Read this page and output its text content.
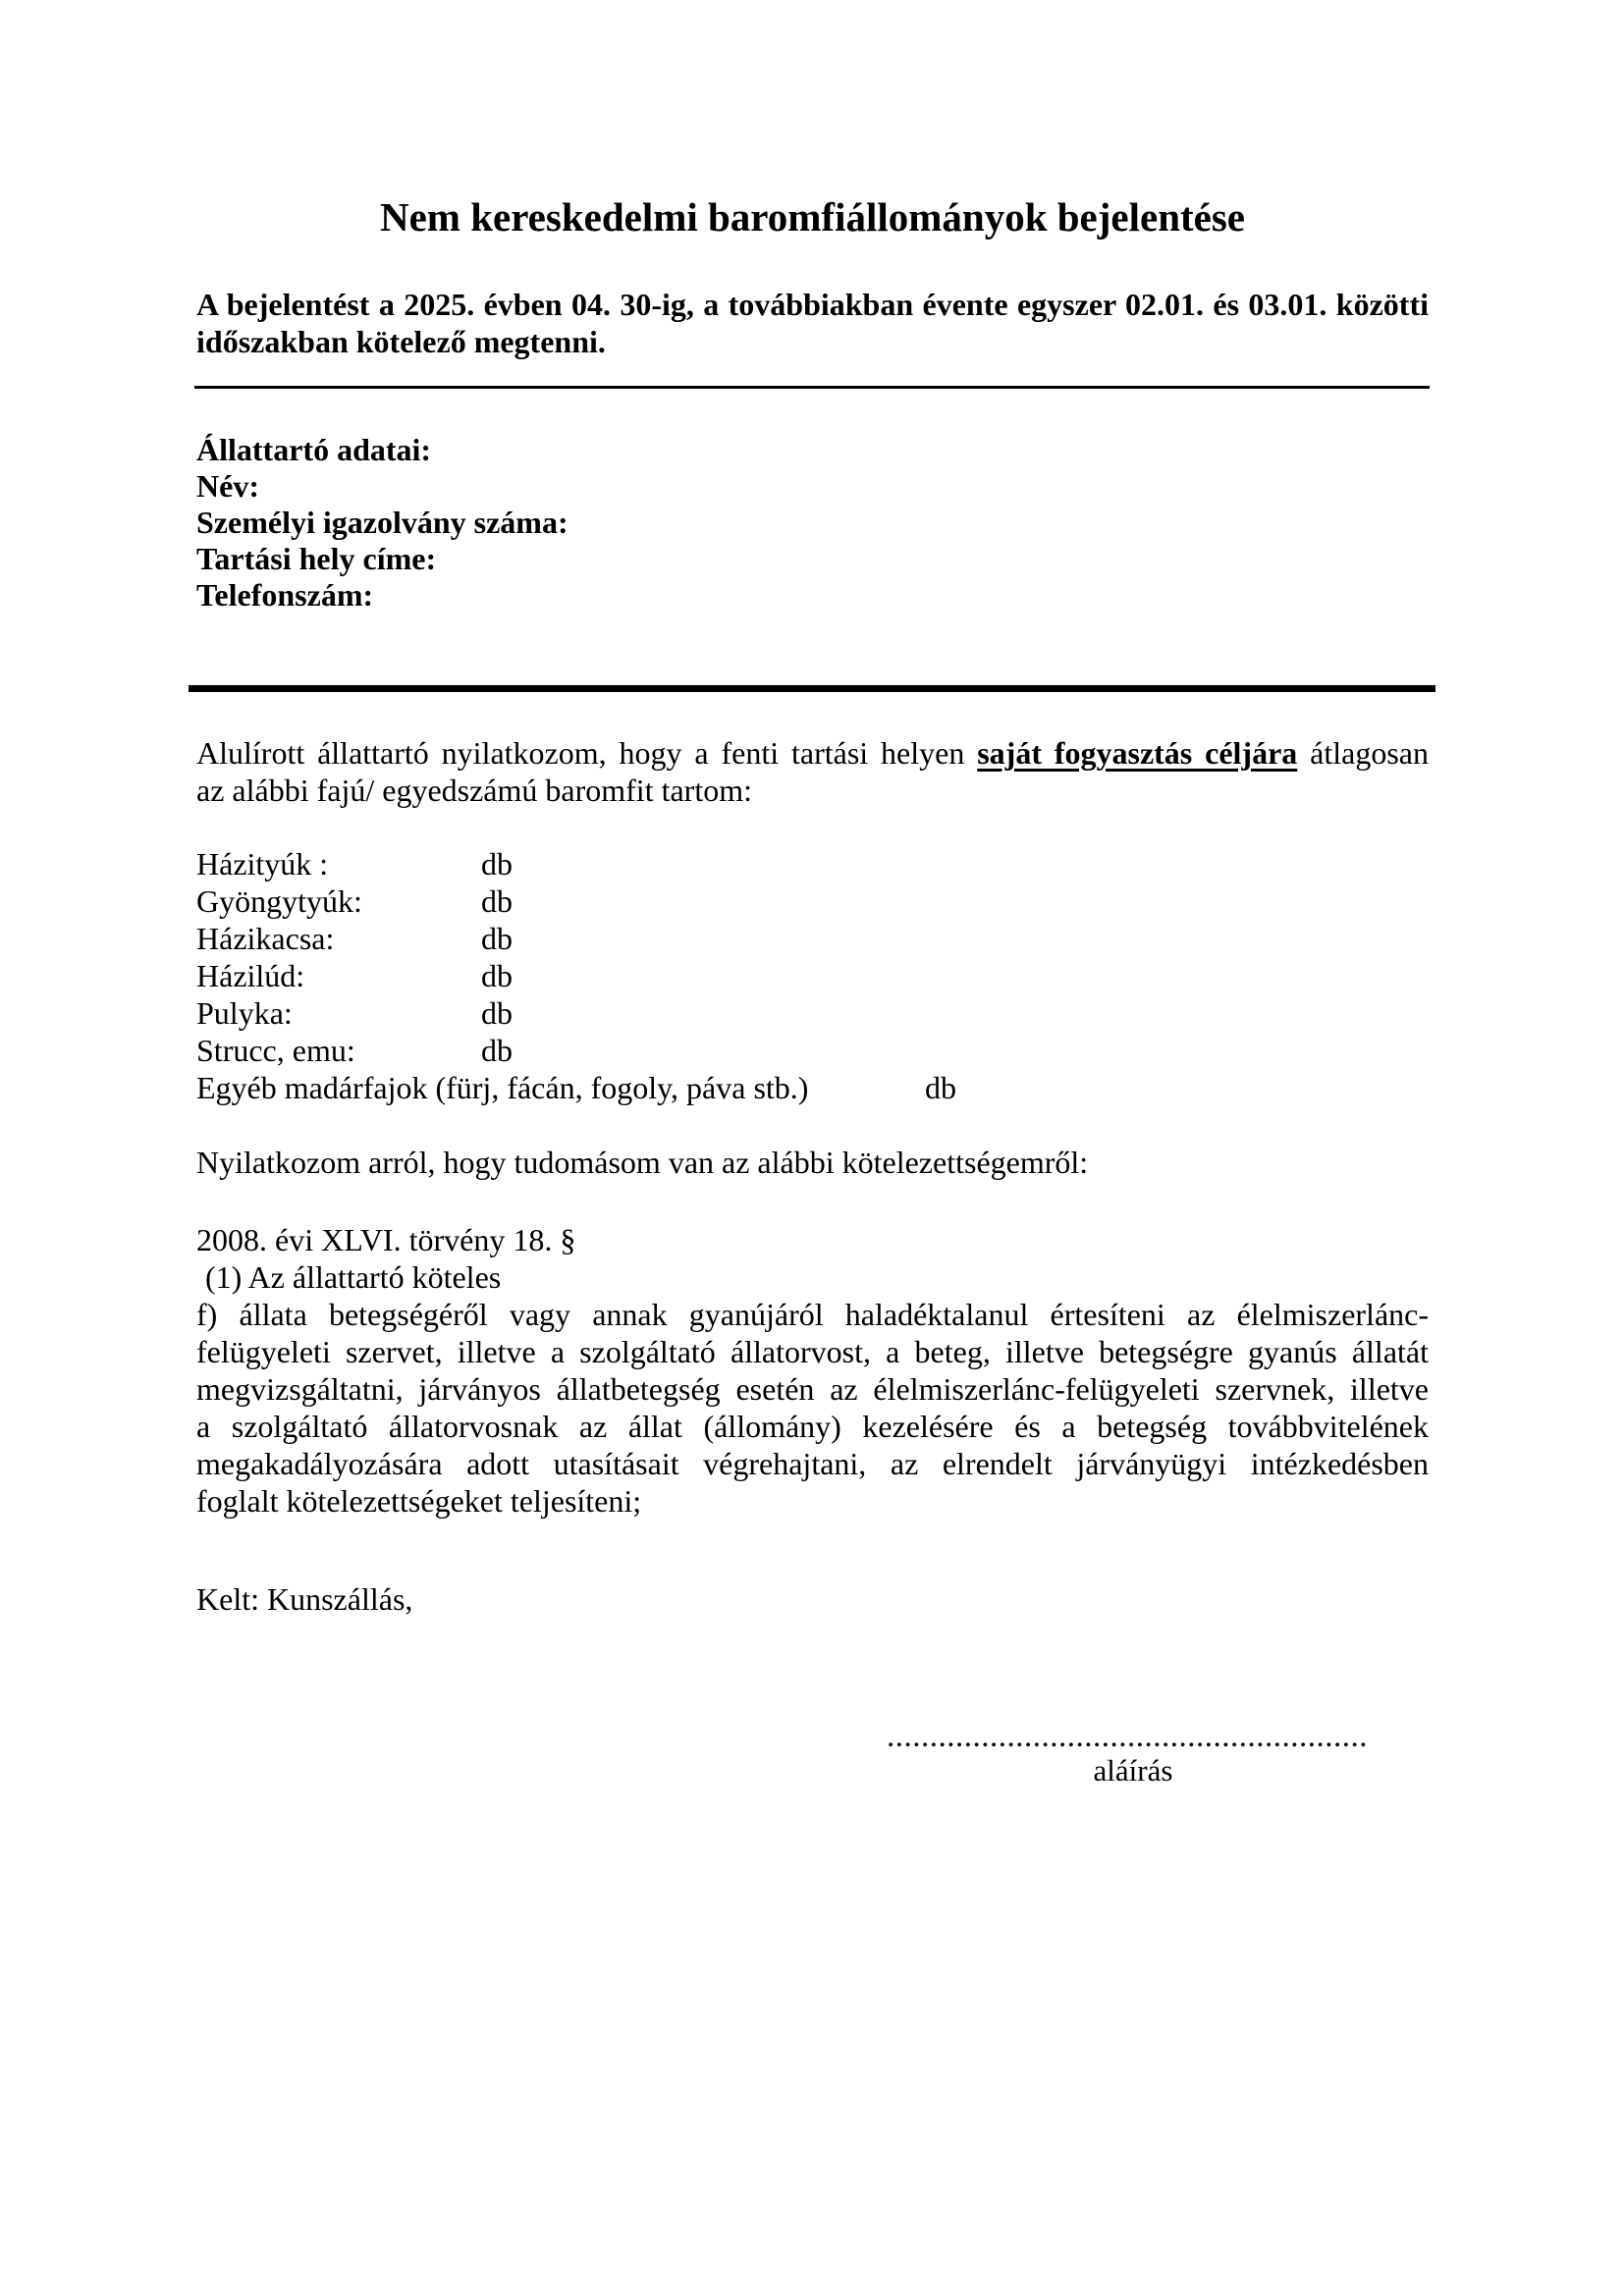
Nem kereskedelmi baromfiállományok bejelentése
A bejelentést a 2025. évben 04. 30-ig, a továbbiakban évente egyszer 02.01. és 03.01. közötti
időszakban kötelező megtenni.
Állattartó adatai:
Név:
Személyi igazolvány száma:
Tartási hely címe:
Telefonszám:
Alulírott állattartó nyilatkozom, hogy a fenti tartási helyen saját fogyasztás céljára átlagosan
az alábbi fajú/ egyedszámú baromfit tartom:
Házityúk :	db
Gyöngytyúk:	db
Házikacsa:	db
Házilúd:	db
Pulyka:	db
Strucc, emu:	db
Egyéb madárfajok (fürj, fácán, fogoly, páva stb.)	db
Nyilatkozom arról, hogy tudomásom van az alábbi kötelezettségemről:
2008. évi XLVI. törvény 18. §
(1) Az állattartó köteles
f) állata betegségéről vagy annak gyanújáról haladéktalanul értesíteni az élelmiszerlánc-
felügyeleti szervet, illetve a szolgáltató állatorvost, a beteg, illetve betegségre gyanús állatát
megvizsgáltatni, járványos állatbetegség esetén az élelmiszerlánc-felügyeleti szervnek, illetve
a szolgáltató állatorvosnak az állat (állomány) kezelésére és a betegség továbbvitelének
megakadályozására adott utasításait végrehajtani, az elrendelt járványügyi intézkedésben
foglalt kötelezettségeket teljesíteni;
Kelt: Kunszállás,
........................................................
aláírás
